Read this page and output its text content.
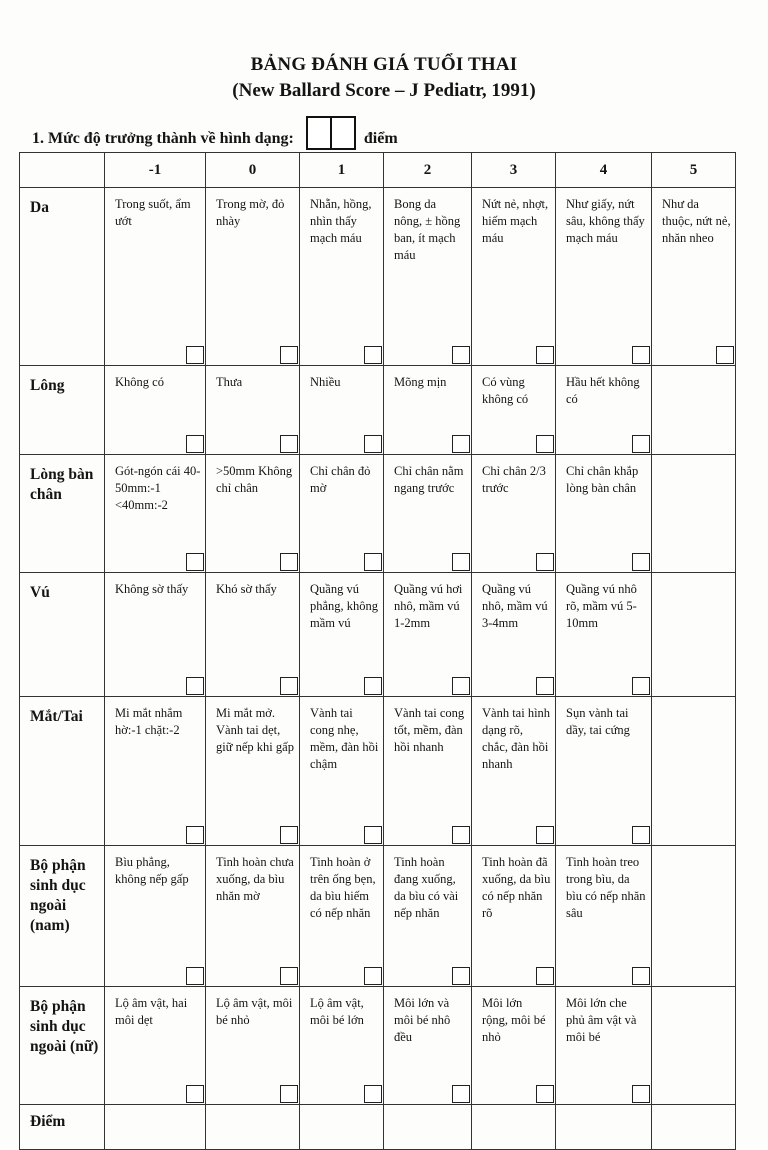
BẢNG ĐÁNH GIÁ TUỔI THAI
(New Ballard Score – J Pediatr, 1991)
1. Mức độ trưởng thành về hình dạng:	điểm
	-1	0	1	2	3	4	5
Da	Trong suốt, ẩm ướt	Trong mờ, đỏ nhày	Nhẵn, hồng, nhìn thấy mạch máu	Bong da nông, ± hồng ban, ít mạch máu	Nứt nẻ, nhợt, hiếm mạch máu	Như giấy, nứt sâu, không thấy mạch máu	Như da thuộc, nứt nẻ, nhăn nheo

Lông	Không có	Thưa	Nhiều	Mõng mịn	Có vùng không có	Hầu hết không có

Lòng bàn chân	Gót-ngón cái 40-50mm:-1 <40mm:-2	>50mm Không chỉ chân	Chỉ chân đỏ mờ	Chỉ chân nằm ngang trước	Chỉ chân 2/3 trước	Chỉ chân khắp lòng bàn chân

Vú	Không sờ thấy	Khó sờ thấy	Quầng vú phẳng, không mầm vú	Quầng vú hơi nhô, mầm vú 1-2mm	Quầng vú nhô, mầm vú 3-4mm	Quầng vú nhô rõ, mầm vú 5-10mm

Mắt/Tai	Mi mắt nhắm hờ:-1 chặt:-2	Mi mắt mở. Vành tai dẹt, giữ nếp khi gấp	Vành tai cong nhẹ, mềm, đàn hồi chậm	Vành tai cong tốt, mềm, đàn hồi nhanh	Vành tai hình dạng rõ, chắc, đàn hồi nhanh	Sụn vành tai dầy, tai cứng

Bộ phận sinh dục ngoài (nam)	Bìu phẳng, không nếp gấp	Tinh hoàn chưa xuống, da bìu nhăn mờ	Tinh hoàn ở trên ống bẹn, da bìu hiếm có nếp nhăn	Tinh hoàn đang xuống, da bìu có vài nếp nhăn	Tinh hoàn đã xuống, da bìu có nếp nhăn rõ	Tinh hoàn treo trong bìu, da bìu có nếp nhăn sâu

Bộ phận sinh dục ngoài (nữ)	Lộ âm vật, hai môi dẹt	Lộ âm vật, môi bé nhỏ	Lộ âm vật, môi bé lớn	Môi lớn và môi bé nhô đều	Môi lớn rộng, môi bé nhỏ	Môi lớn che phủ âm vật và môi bé

Điểm							
